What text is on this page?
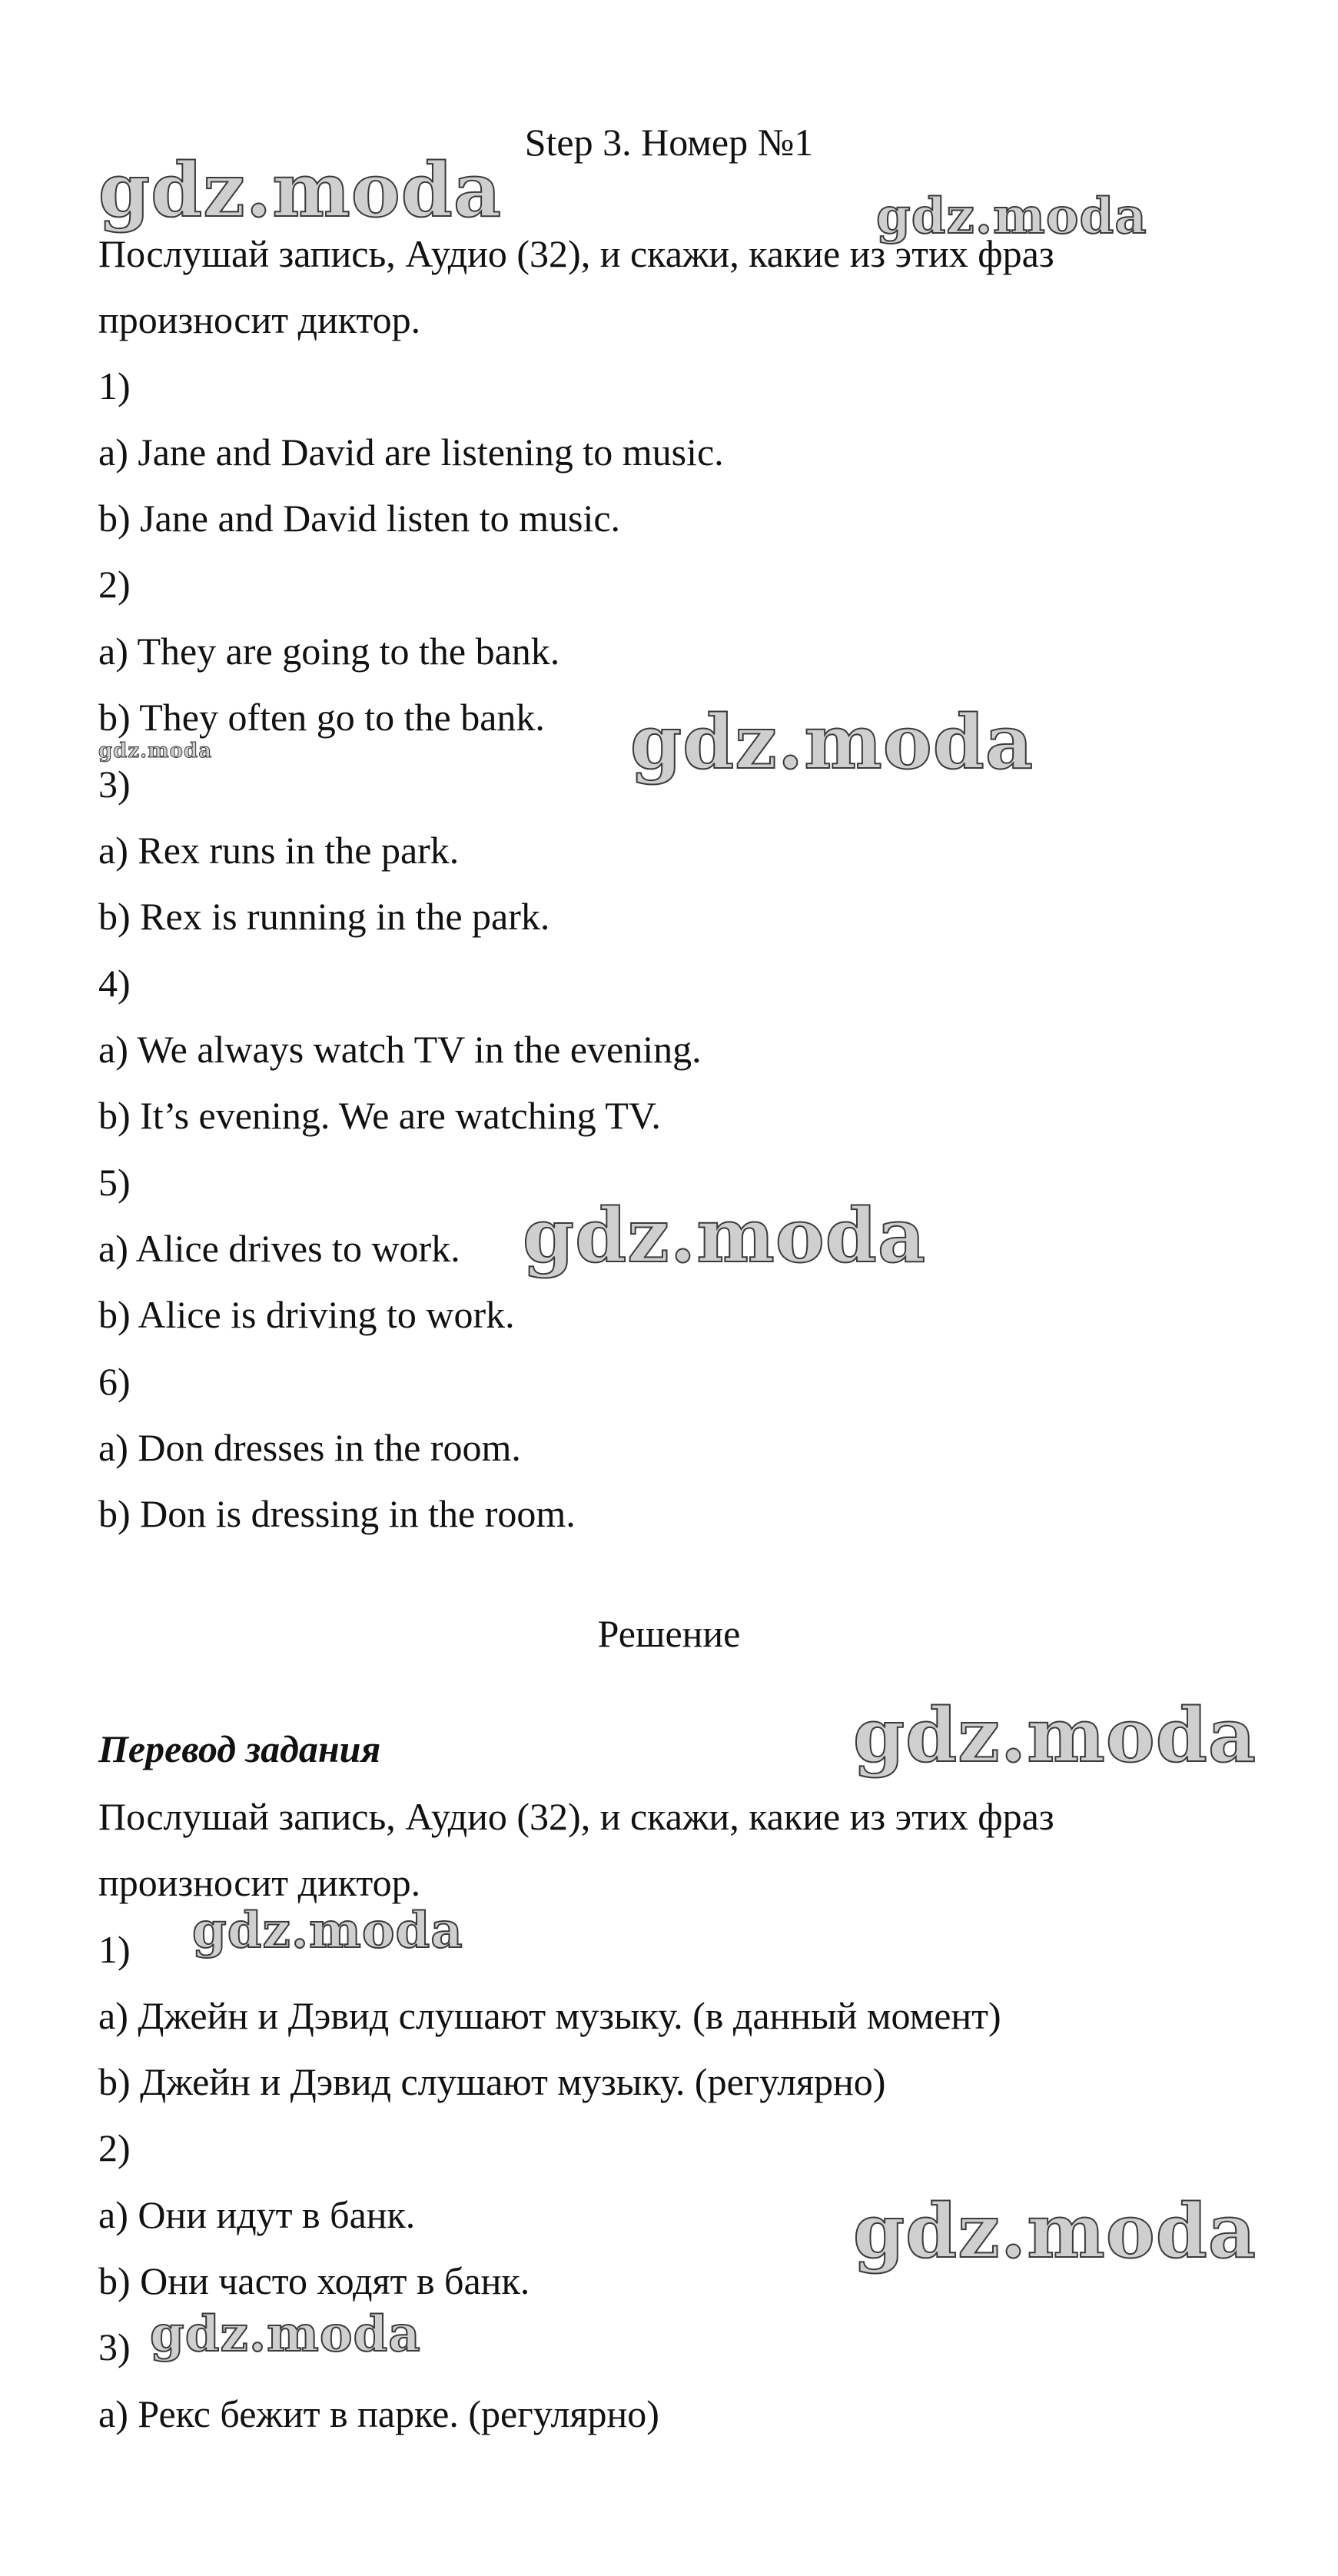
Step 3. Номер №1
Послушай запись, Аудио (32), и скажи, какие из этих фраз
произносит диктор.
1)
a) Jane and David are listening to music.
b) Jane and David listen to music.
2)
a) They are going to the bank.
b) They often go to the bank.
3)
a) Rex runs in the park.
b) Rex is running in the park.
4)
a) We always watch TV in the evening.
b) It’s evening. We are watching TV.
5)
a) Alice drives to work.
b) Alice is driving to work.
6)
a) Don dresses in the room.
b) Don is dressing in the room.
Решение
Перевод задания
Послушай запись, Аудио (32), и скажи, какие из этих фраз
произносит диктор.
1)
a) Джейн и Дэвид слушают музыку. (в данный момент)
b) Джейн и Дэвид слушают музыку. (регулярно)
2)
a) Они идут в банк.
b) Они часто ходят в банк.
3)
a) Рекс бежит в парке. (регулярно)
gdz.moda	gdz.moda
gdz.moda
gdz.moda
gdz.moda
gdz.moda
gdz.moda
gdz.moda
gdz.moda
